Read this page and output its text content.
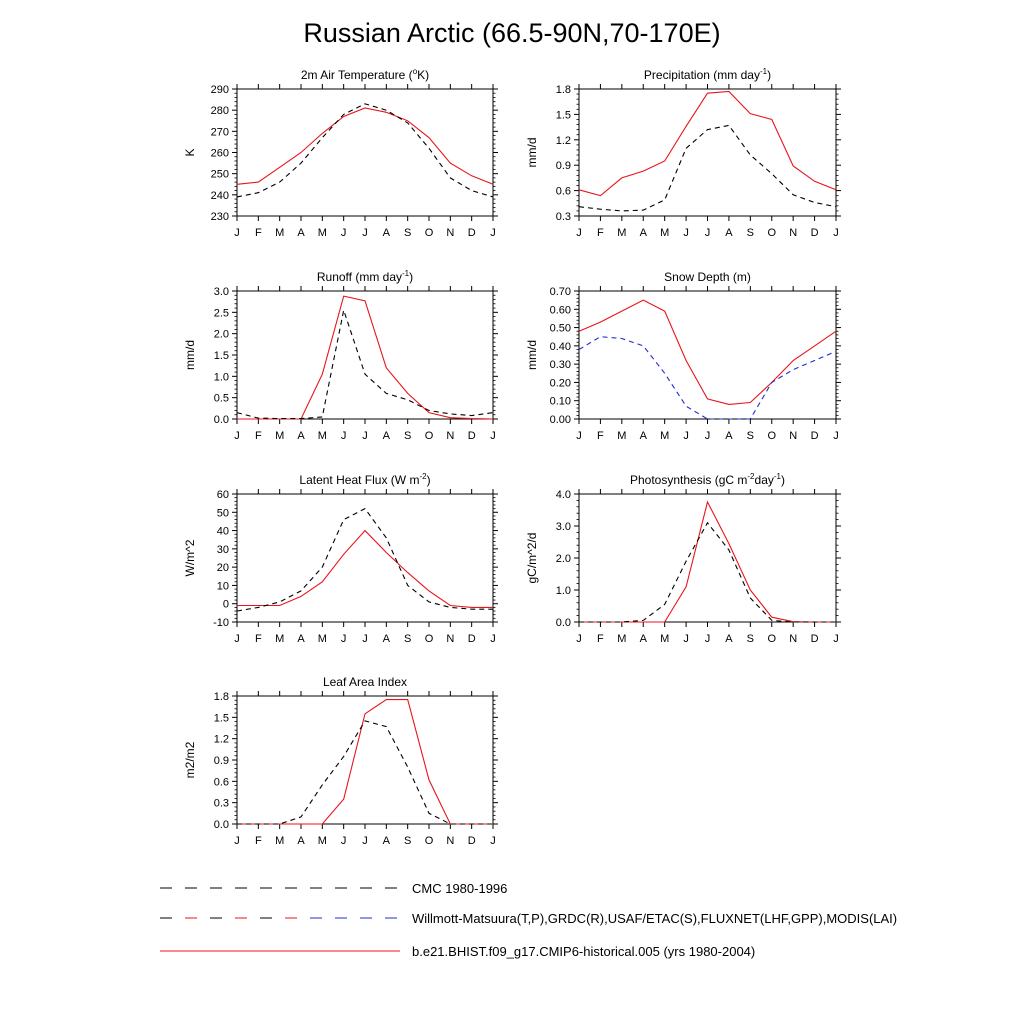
Russian Arctic (66.5-90N,70-170E)
230
240
250
260
270
280
290
J F M A M J J A S O N D J
2m Air Temperature ($^o$K)
K
0.3
0.6
0.9
1.2
1.5
1.8
J F M A M J J A S O N D J
Precipitation (mm day$^{-1}$)
mm/d
0.0
0.5
1.0
1.5
2.0
2.5
3.0
J F M A M J J A S O N D J
Runoff (mm day$^{-1}$)
mm/d
0.00
0.10
0.20
0.30
0.40
0.50
0.60
0.70
J F M A M J J A S O N D J
Snow Depth (m)
mm/d
-10
0
10
20
30
40
50
60
J F M A M J J A S O N D J
Latent Heat Flux (W $m^{-2}$)
W/m^2
0.0
1.0
2.0
3.0
4.0
J F M A M J J A S O N D J
Photosynthesis (gC $m^{-2}day^{-1}$)
gC/m^2/d
0.0
0.3
0.6
0.9
1.2
1.5
1.8
J F M A M J J A S O N D J
Leaf Area Index
m2/m2
CMC 1980-1996
Willmott-Matsuura(T,P),GRDC(R),USAF/ETAC(S),FLUXNET(LHF,GPP),MODIS(LAI)
b.e21.BHIST.f09_g17.CMIP6-historical.005 (yrs 1980-2004)
